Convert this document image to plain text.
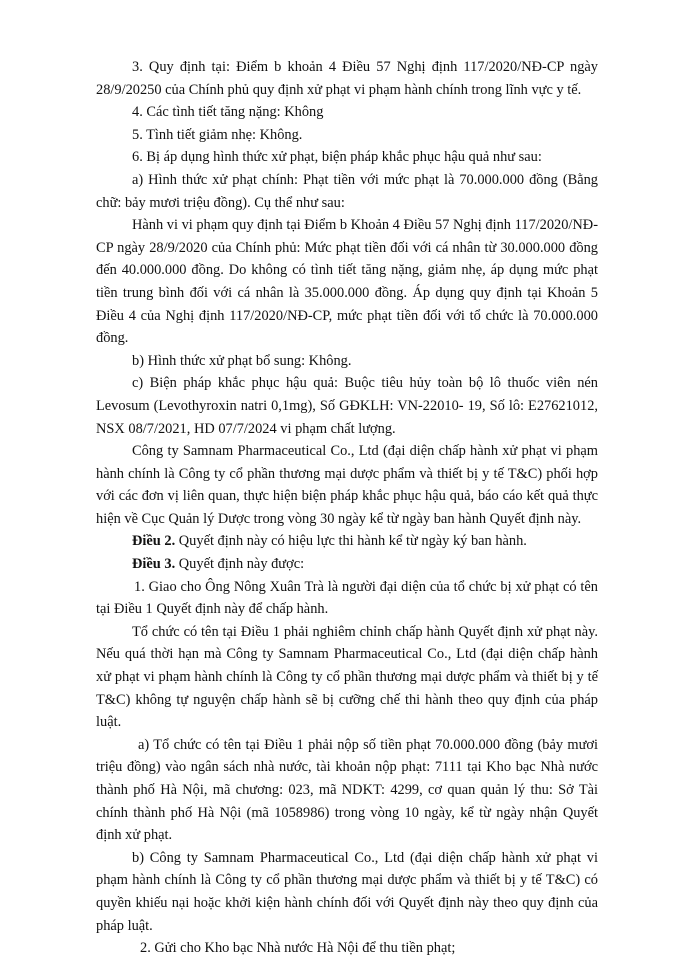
3. Quy định tại: Điểm b khoản 4 Điều 57 Nghị định 117/2020/NĐ-CP ngày 28/9/20250 của Chính phủ quy định xử phạt vi phạm hành chính trong lĩnh vực y tế.

4. Các tình tiết tăng nặng: Không

5. Tình tiết giảm nhẹ: Không.

6. Bị áp dụng hình thức xử phạt, biện pháp khắc phục hậu quả như sau:

a) Hình thức xử phạt chính: Phạt tiền với mức phạt là 70.000.000 đồng (Bằng chữ: bảy mươi triệu đồng). Cụ thể như sau:

Hành vi vi phạm quy định tại Điểm b Khoản 4 Điều 57 Nghị định 117/2020/NĐ-CP ngày 28/9/2020 của Chính phủ: Mức phạt tiền đối với cá nhân từ 30.000.000 đồng đến 40.000.000 đồng. Do không có tình tiết tăng nặng, giảm nhẹ, áp dụng mức phạt tiền trung bình đối với cá nhân là 35.000.000 đồng. Áp dụng quy định tại Khoản 5 Điều 4 của Nghị định 117/2020/NĐ-CP, mức phạt tiền đối với tổ chức là 70.000.000 đồng.

b) Hình thức xử phạt bổ sung: Không.

c) Biện pháp khắc phục hậu quả: Buộc tiêu hủy toàn bộ lô thuốc viên nén Levosum (Levothyroxin natri 0,1mg), Số GĐKLH: VN-22010- 19, Số lô: E27621012, NSX 08/7/2021, HD 07/7/2024 vi phạm chất lượng.

Công ty Samnam Pharmaceutical Co., Ltd (đại diện chấp hành xử phạt vi phạm hành chính là Công ty cổ phần thương mại dược phẩm và thiết bị y tế T&C) phối hợp với các đơn vị liên quan, thực hiện biện pháp khắc phục hậu quả, báo cáo kết quả thực hiện về Cục Quản lý Dược trong vòng 30 ngày kể từ ngày ban hành Quyết định này.

Điều 2. Quyết định này có hiệu lực thi hành kể từ ngày ký ban hành.

Điều 3. Quyết định này được:

1. Giao cho Ông Nông Xuân Trà là người đại diện của tổ chức bị xử phạt có tên tại Điều 1 Quyết định này để chấp hành.

Tổ chức có tên tại Điều 1 phải nghiêm chỉnh chấp hành Quyết định xử phạt này. Nếu quá thời hạn mà Công ty Samnam Pharmaceutical Co., Ltd (đại diện chấp hành xử phạt vi phạm hành chính là Công ty cổ phần thương mại dược phẩm và thiết bị y tế T&C) không tự nguyện chấp hành sẽ bị cưỡng chế thi hành theo quy định của pháp luật.

a) Tổ chức có tên tại Điều 1 phải nộp số tiền phạt 70.000.000 đồng (bảy mươi triệu đồng) vào ngân sách nhà nước, tài khoản nộp phạt: 7111 tại Kho bạc Nhà nước thành phố Hà Nội, mã chương: 023, mã NDKT: 4299, cơ quan quản lý thu: Sở Tài chính thành phố Hà Nội (mã 1058986) trong vòng 10 ngày, kể từ ngày nhận Quyết định xử phạt.

b) Công ty Samnam Pharmaceutical Co., Ltd (đại diện chấp hành xử phạt vi phạm hành chính là Công ty cổ phần thương mại dược phẩm và thiết bị y tế T&C) có quyền khiếu nại hoặc khởi kiện hành chính đối với Quyết định này theo quy định của pháp luật.

2. Gửi cho Kho bạc Nhà nước Hà Nội để thu tiền phạt;
